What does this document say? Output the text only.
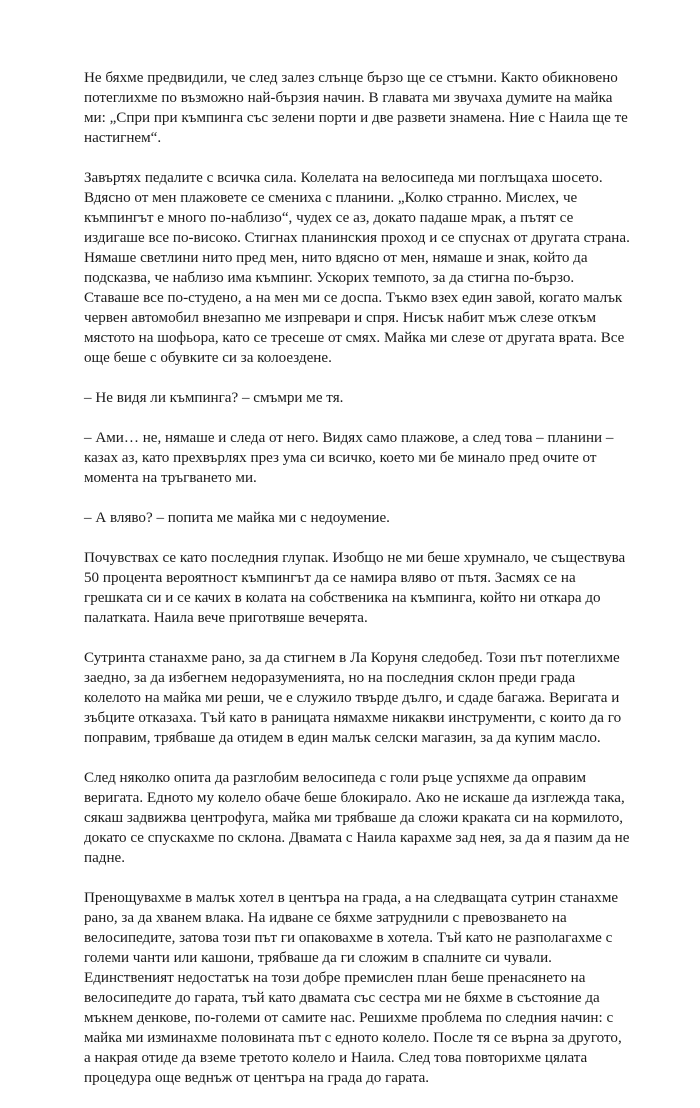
Не бяхме предвидили, че след залез слънце бързо ще се стъмни. Както обикновено потеглихме по възможно най-бързия начин. В главата ми звучаха думите на майка ми: „Спри при къмпинга със зелени порти и две развети знамена. Ние с Наила ще те настигнем“.

Завъртях педалите с всичка сила. Колелата на велосипеда ми поглъщаха шосето. Вдясно от мен плажовете се смениха с планини. „Колко странно. Мислех, че къмпингът е много по-наблизо“, чудех се аз, докато падаше мрак, а пътят се издигаше все по-високо. Стигнах планинския проход и се спуснах от другата страна. Нямаше светлини нито пред мен, нито вдясно от мен, нямаше и знак, който да подсказва, че наблизо има къмпинг. Ускорих темпото, за да стигна по-бързо. Ставаше все по-студено, а на мен ми се доспа. Тъкмо взех един завой, когато малък червен автомобил внезапно ме изпревари и спря. Нисък набит мъж слезе откъм мястото на шофьора, като се тресеше от смях. Майка ми слезе от другата врата. Все още беше с обувките си за колоездене.

– Не видя ли къмпинга? – смъмри ме тя.

– Ами… не, нямаше и следа от него. Видях само плажове, а след това – планини – казах аз, като прехвърлях през ума си всичко, което ми бе минало пред очите от момента на тръгването ми.

– А вляво? – попита ме майка ми с недоумение.

Почувствах се като последния глупак. Изобщо не ми беше хрумнало, че съществува 50 процента вероятност къмпингът да се намира вляво от пътя. Засмях се на грешката си и се качих в колата на собственика на къмпинга, който ни откара до палатката. Наила вече приготвяше вечерята.

Сутринта станахме рано, за да стигнем в Ла Коруня следобед. Този път потеглихме заедно, за да избегнем недоразуменията, но на последния склон преди града колелото на майка ми реши, че е служило твърде дълго, и сдаде багажа. Веригата и зъбците отказаха. Тъй като в раницата нямахме никакви инструменти, с които да го поправим, трябваше да отидем в един малък селски магазин, за да купим масло.

След няколко опита да разглобим велосипеда с голи ръце успяхме да оправим веригата. Едното му колело обаче беше блокирало. Ако не искаше да изглежда така, сякаш задвижва центрофуга, майка ми трябваше да сложи краката си на кормилото, докато се спускахме по склона. Двамата с Наила карахме зад нея, за да я пазим да не падне.

Пренощувахме в малък хотел в центъра на града, а на следващата сутрин станахме рано, за да хванем влака. На идване се бяхме затруднили с превозването на велосипедите, затова този път ги опаковахме в хотела. Тъй като не разполагахме с големи чанти или кашони, трябваше да ги сложим в спалните си чували. Единственият недостатък на този добре премислен план беше пренасянето на велосипедите до гарата, тъй като двамата със сестра ми не бяхме в състояние да мъкнем денкове, по-големи от самите нас. Решихме проблема по следния начин: с майка ми изминахме половината път с едното колело. После тя се върна за другото, а накрая отиде да вземе третото колело и Наила. След това повторихме цялата процедура още веднъж от центъра на града до гарата.
